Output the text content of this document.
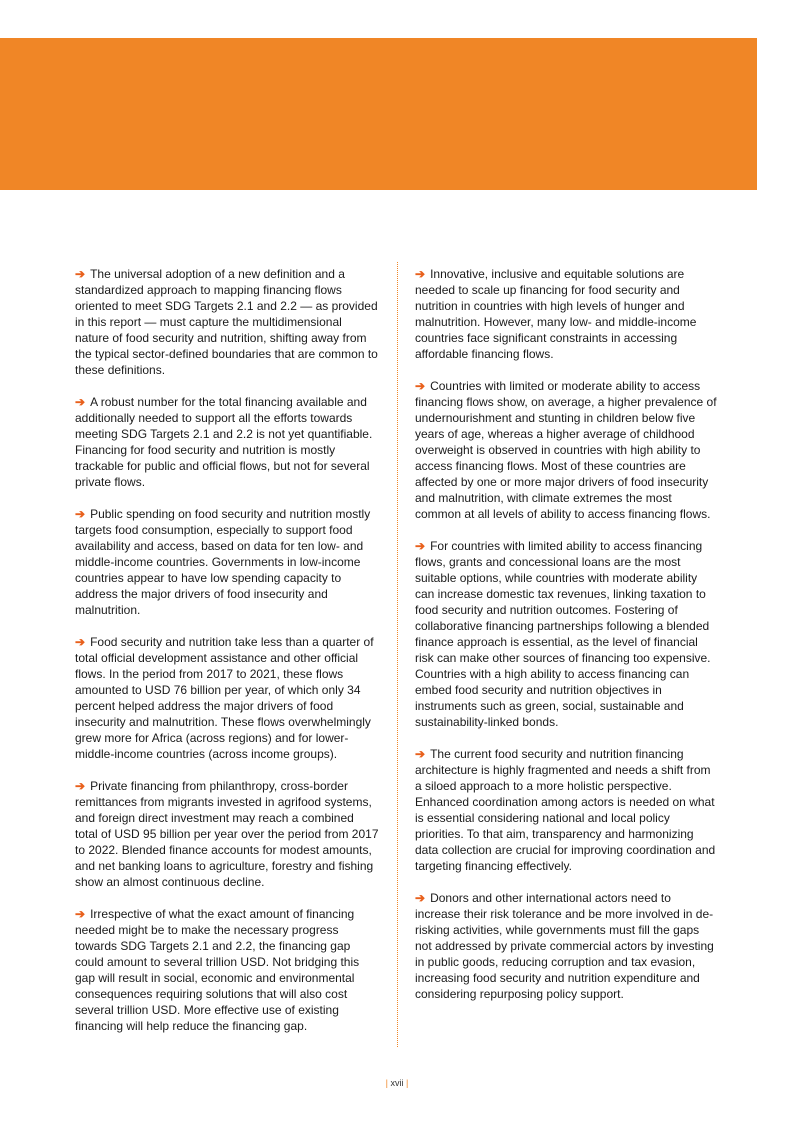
➔ The universal adoption of a new definition and a standardized approach to mapping financing flows oriented to meet SDG Targets 2.1 and 2.2 — as provided in this report — must capture the multidimensional nature of food security and nutrition, shifting away from the typical sector-defined boundaries that are common to these definitions.

➔ A robust number for the total financing available and additionally needed to support all the efforts towards meeting SDG Targets 2.1 and 2.2 is not yet quantifiable. Financing for food security and nutrition is mostly trackable for public and official flows, but not for several private flows.

➔ Public spending on food security and nutrition mostly targets food consumption, especially to support food availability and access, based on data for ten low- and middle-income countries. Governments in low-income countries appear to have low spending capacity to address the major drivers of food insecurity and malnutrition.

➔ Food security and nutrition take less than a quarter of total official development assistance and other official flows. In the period from 2017 to 2021, these flows amounted to USD 76 billion per year, of which only 34 percent helped address the major drivers of food insecurity and malnutrition. These flows overwhelmingly grew more for Africa (across regions) and for lower-middle-income countries (across income groups).

➔ Private financing from philanthropy, cross-border remittances from migrants invested in agrifood systems, and foreign direct investment may reach a combined total of USD 95 billion per year over the period from 2017 to 2022. Blended finance accounts for modest amounts, and net banking loans to agriculture, forestry and fishing show an almost continuous decline.

➔ Irrespective of what the exact amount of financing needed might be to make the necessary progress towards SDG Targets 2.1 and 2.2, the financing gap could amount to several trillion USD. Not bridging this gap will result in social, economic and environmental consequences requiring solutions that will also cost several trillion USD. More effective use of existing financing will help reduce the financing gap.

➔ Innovative, inclusive and equitable solutions are needed to scale up financing for food security and nutrition in countries with high levels of hunger and malnutrition. However, many low- and middle-income countries face significant constraints in accessing affordable financing flows.

➔ Countries with limited or moderate ability to access financing flows show, on average, a higher prevalence of undernourishment and stunting in children below five years of age, whereas a higher average of childhood overweight is observed in countries with high ability to access financing flows. Most of these countries are affected by one or more major drivers of food insecurity and malnutrition, with climate extremes the most common at all levels of ability to access financing flows.

➔ For countries with limited ability to access financing flows, grants and concessional loans are the most suitable options, while countries with moderate ability can increase domestic tax revenues, linking taxation to food security and nutrition outcomes. Fostering of collaborative financing partnerships following a blended finance approach is essential, as the level of financial risk can make other sources of financing too expensive. Countries with a high ability to access financing can embed food security and nutrition objectives in instruments such as green, social, sustainable and sustainability-linked bonds.

➔ The current food security and nutrition financing architecture is highly fragmented and needs a shift from a siloed approach to a more holistic perspective. Enhanced coordination among actors is needed on what is essential considering national and local policy priorities. To that aim, transparency and harmonizing data collection are crucial for improving coordination and targeting financing effectively.

➔ Donors and other international actors need to increase their risk tolerance and be more involved in de-risking activities, while governments must fill the gaps not addressed by private commercial actors by investing in public goods, reducing corruption and tax evasion, increasing food security and nutrition expenditure and considering repurposing policy support.

| xvii |
